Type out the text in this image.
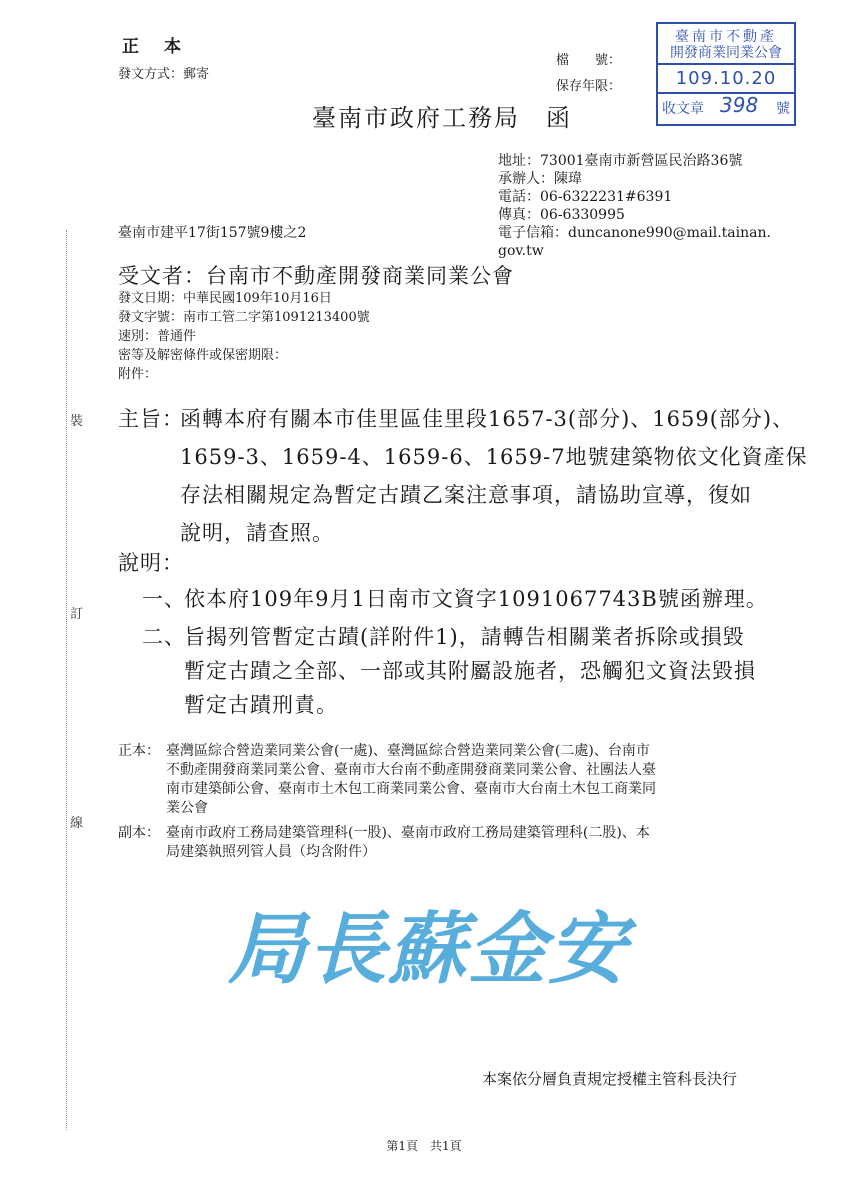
裝
訂
線
正　本
發文方式：郵寄
檔　　號：
保存年限：
臺南市政府工務局　函
臺南市不動產
開發商業同業公會
109.10.20
收文章 398 號
地址：73001臺南市新營區民治路36號
承辦人：陳瑋
電話：06-6322231#6391
傳真：06-6330995
電子信箱：duncanone990@mail.tainan.
gov.tw
臺南市建平17街157號9樓之2
受文者：台南市不動產開發商業同業公會
發文日期：中華民國109年10月16日
發文字號：南市工管二字第1091213400號
速別：普通件
密等及解密條件或保密期限：
附件：
主旨：
函轉本府有關本市佳里區佳里段1657-3(部分)、1659(部分)、
1659-3、1659-4、1659-6、1659-7地號建築物依文化資產保
存法相關規定為暫定古蹟乙案注意事項，請協助宣導，復如
說明，請查照。
說明：
一、
依本府109年9月1日南市文資字1091067743B號函辦理。
二、
旨揭列管暫定古蹟(詳附件1)，請轉告相關業者拆除或損毀
暫定古蹟之全部、一部或其附屬設施者，恐觸犯文資法毀損
暫定古蹟刑責。
正本： 臺灣區綜合營造業同業公會(一處)、臺灣區綜合營造業同業公會(二處)、台南市
不動產開發商業同業公會、臺南市大台南不動產開發商業同業公會、社團法人臺
南市建築師公會、臺南市土木包工商業同業公會、臺南市大台南土木包工商業同
業公會
副本： 臺南市政府工務局建築管理科(一股)、臺南市政府工務局建築管理科(二股)、本
局建築執照列管人員（均含附件）
局長蘇金安
本案依分層負責規定授權主管科長決行
第1頁　共1頁
